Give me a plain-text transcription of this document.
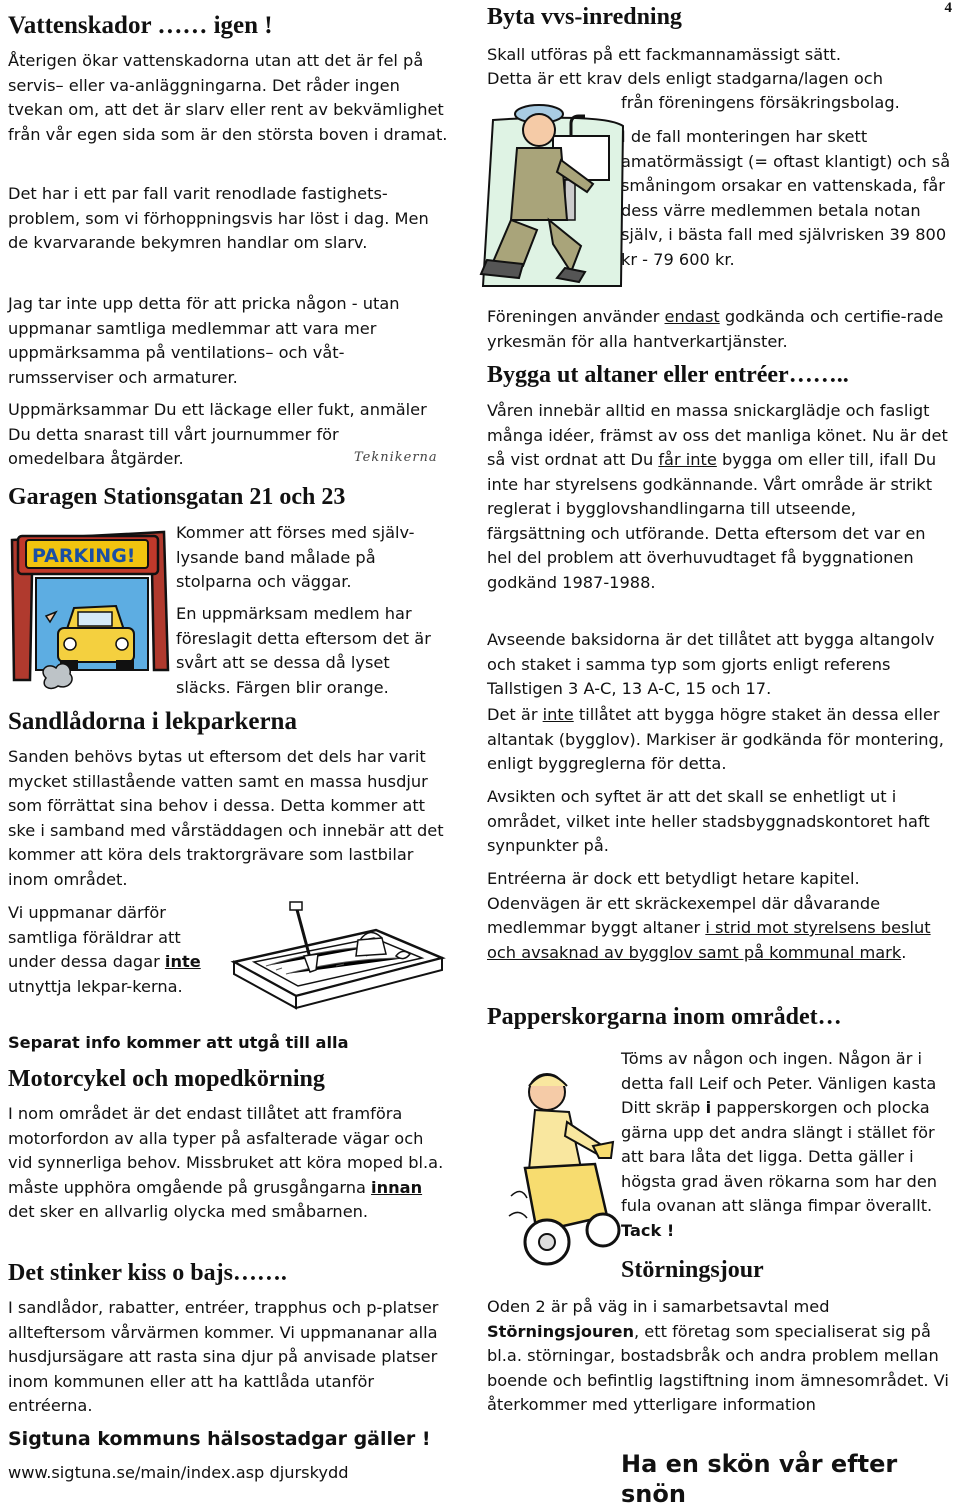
4
Vattenskador …… igen !

Återigen ökar vattenskadorna utan att det är fel på servis– eller va-anläggningarna. Det råder ingen tvekan om, att det är slarv eller rent av bekvämlighet från vår egen sida som är den största boven i dramat.

Det har i ett par fall varit renodlade fastighets-problem, som vi förhoppningsvis har löst i dag. Men de kvarvarande bekymren handlar om slarv.

Jag tar inte upp detta för att pricka någon - utan uppmanar samtliga medlemmar att vara mer uppmärksamma på ventilations– och våt-rumsserviser och armaturer.

Uppmärksammar Du ett läckage eller fukt, anmäler Du detta snarast till vårt journummer för omedelbara åtgärder.	Teknikerna
Garagen Stationsgatan 21 och 23
PARKING!

Kommer att förses med själv-lysande band målade på stolparna och väggar.

En uppmärksam medlem har föreslagit detta eftersom det är svårt att se dessa då lyset släcks. Färgen blir orange.

Sandlådorna i lekparkerna

Sanden behövs bytas ut eftersom det dels har varit mycket stillastående vatten samt en massa husdjur som förrättat sina behov i dessa. Detta kommer att ske i samband med vårstäddagen och innebär att det kommer att köra dels traktorgrävare som lastbilar inom området.

Vi uppmanar därför samtliga föräldrar att under dessa dagar inte utnyttja lekpar-kerna.

Separat info kommer att utgå till alla

Motorcykel och mopedkörning

I nom området är det endast tillåtet att framföra motorfordon av alla typer på asfalterade vägar och vid synnerliga behov. Missbruket att köra moped bl.a. måste upphöra omgående på grusgångarna innan det sker en allvarlig olycka med småbarnen.

Det stinker kiss o bajs…….

I sandlådor, rabatter, entréer, trapphus och p-platser allteftersom vårvärmen kommer. Vi uppmananar alla husdjursägare att rasta sina djur på anvisade platser inom kommunen eller att ha kattlåda utanför entréerna.

Sigtuna kommuns hälsostadgar gäller !

www.sigtuna.se/main/index.asp djurskydd

Byta vvs-inredning

Skall utföras på ett fackmannamässigt sätt.

Detta är ett krav dels enligt stadgarna/lagen och

från föreningens försäkringsbolag.

I de fall monteringen har skett amatörmässigt (= oftast klantigt) och så småningom orsakar en vattenskada, får dess värre medlemmen betala notan själv, i bästa fall med självrisken 39 800 kr - 79 600 kr.

Föreningen använder endast godkända och certifie-rade yrkesmän för alla hantverkartjänster.

Bygga ut altaner eller entréer……..

Våren innebär alltid en massa snickarglädje och fasligt många idéer, främst av oss det manliga könet. Nu är det så vist ordnat att Du får inte bygga om eller till, ifall Du inte har styrelsens godkännande. Vårt område är strikt reglerat i bygglovshandlingarna till utseende, färgsättning och utförande. Detta eftersom det var en hel del problem att överhuvudtaget få byggnationen godkänd 1987-1988.

Avseende baksidorna är det tillåtet att bygga altangolv och staket i samma typ som gjorts enligt referens Tallstigen 3 A-C, 13 A-C, 15 och 17.

Det är inte tillåtet att bygga högre staket än dessa eller altantak (bygglov). Markiser är godkända för montering, enligt byggreglerna för detta.

Avsikten och syftet är att det skall se enhetligt ut i området, vilket inte heller stadsbyggnadskontoret haft synpunkter på.

Entréerna är dock ett betydligt hetare kapitel. Odenvägen är ett skräckexempel där dåvarande medlemmar byggt altaner i strid mot styrelsens beslut och avsaknad av bygglov samt på kommunal mark.

Papperskorgarna inom området…

Töms av någon och ingen. Någon är i detta fall Leif och Peter. Vänligen kasta Ditt skräp i papperskorgen och plocka gärna upp det andra slängt i stället för att bara låta det ligga. Detta gäller i högsta grad även rökarna som har den fula ovanan att slänga fimpar överallt. Tack !

Störningsjour

Oden 2 är på väg in i samarbetsavtal med Störningsjouren, ett företag som specialiserat sig på bl.a. störningar, bostadsbråk och andra problem mellan boende och befintlig lagstiftning inom ämnesområdet. Vi återkommer med ytterligare information

Ha en skön vår efter snön
